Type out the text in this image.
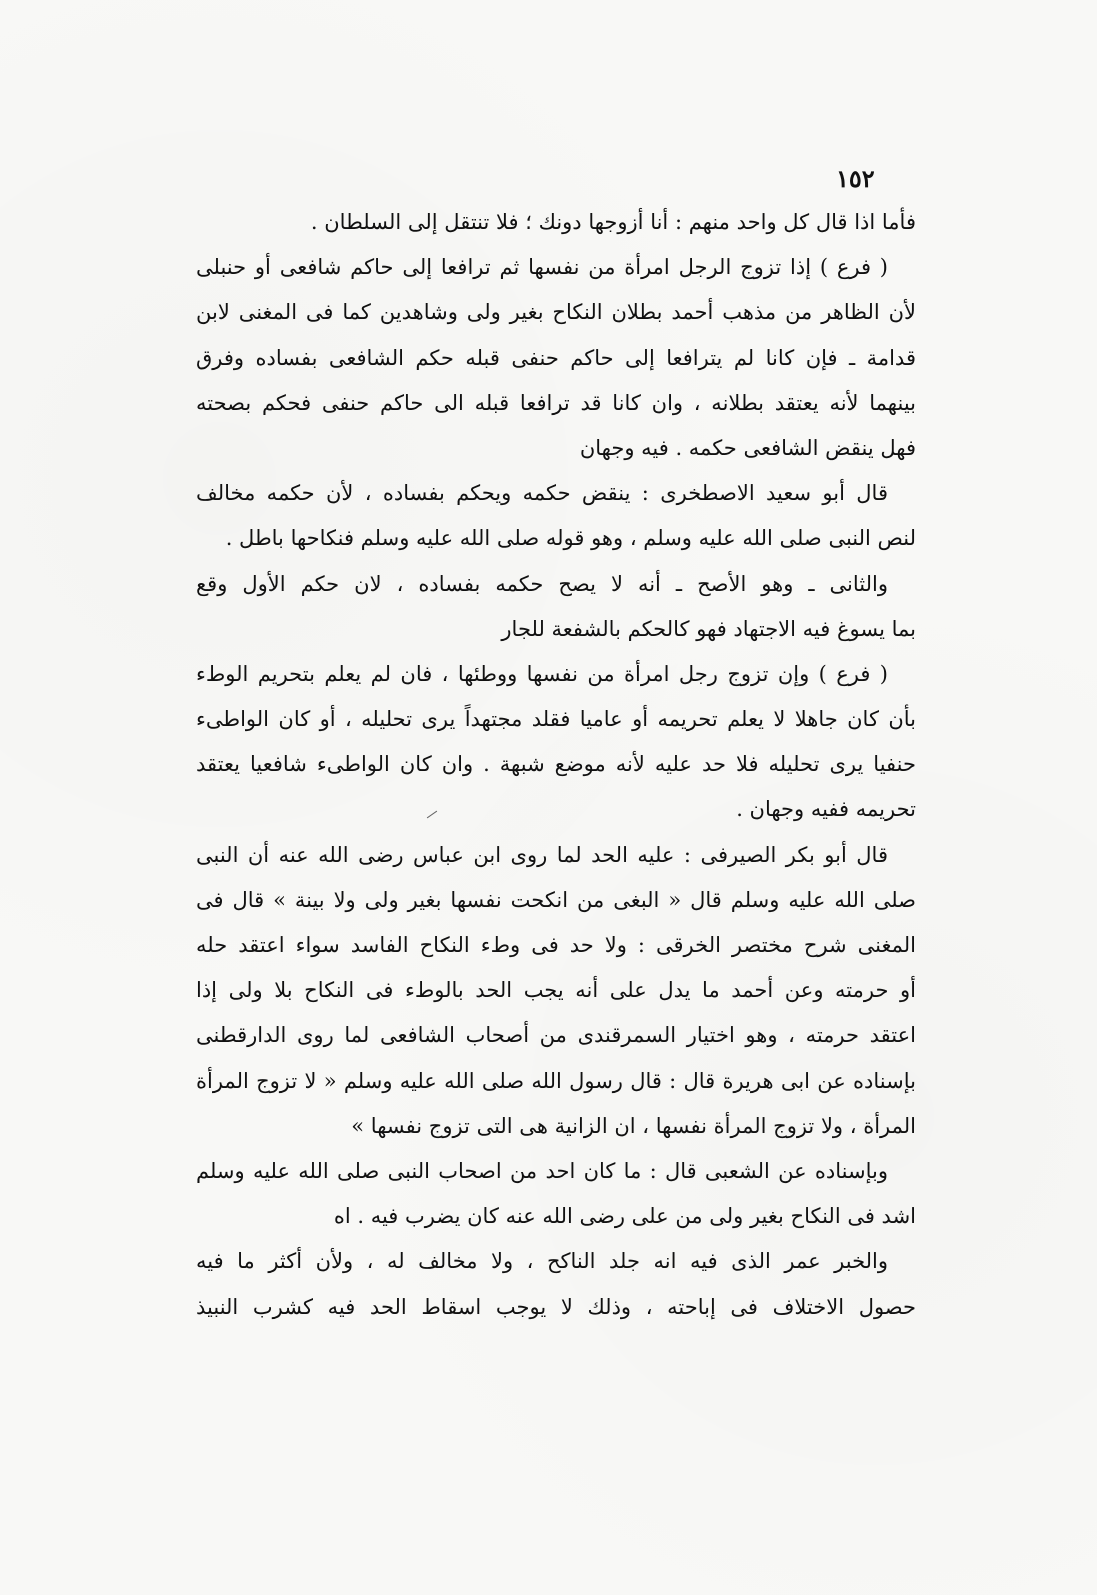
١٥٢
فأما اذا قال كل واحد منهم : أنا أزوجها دونك ؛ فلا تنتقل إلى السلطان .
( فرع ) إذا تزوج الرجل امرأة من نفسها ثم ترافعا إلى حاكم شافعى أو حنبلى
لأن الظاهر من مذهب أحمد بطلان النكاح بغير ولى وشاهدين كما فى المغنى لابن
قدامة ـ فإن كانا لم يترافعا إلى حاكم حنفى قبله حكم الشافعى بفساده وفرق
بينهما لأنه يعتقد بطلانه ، وان كانا قد ترافعا قبله الى حاكم حنفى فحكم بصحته
فهل ينقض الشافعى حكمه . فيه وجهان
قال أبو سعيد الاصطخرى : ينقض حكمه ويحكم بفساده ، لأن حكمه مخالف
لنص النبى صلى الله عليه وسلم ، وهو قوله صلى الله عليه وسلم فنكاحها باطل .
والثانى ـ وهو الأصح ـ أنه لا يصح حكمه بفساده ، لان حكم الأول وقع
بما يسوغ فيه الاجتهاد فهو كالحكم بالشفعة للجار
( فرع ) وإن تزوج رجل امرأة من نفسها ووطئها ، فان لم يعلم بتحريم الوطء
بأن كان جاهلا لا يعلم تحريمه أو عاميا فقلد مجتهداً يرى تحليله ، أو كان الواطىء
حنفيا يرى تحليله فلا حد عليه لأنه موضع شبهة . وان كان الواطىء شافعيا يعتقد
تحريمه ففيه وجهان .
قال أبو بكر الصيرفى : عليه الحد لما روى ابن عباس رضى الله عنه أن النبى
صلى الله عليه وسلم قال « البغى من انكحت نفسها بغير ولى ولا بينة » قال فى
المغنى شرح مختصر الخرقى : ولا حد فى وطء النكاح الفاسد سواء اعتقد حله
أو حرمته وعن أحمد ما يدل على أنه يجب الحد بالوطء فى النكاح بلا ولى إذا
اعتقد حرمته ، وهو اختيار السمرقندى من أصحاب الشافعى لما روى الدارقطنى
بإسناده عن ابى هريرة قال : قال رسول الله صلى الله عليه وسلم « لا تزوج المرأة
المرأة ، ولا تزوج المرأة نفسها ، ان الزانية هى التى تزوج نفسها »
وبإسناده عن الشعبى قال : ما كان احد من اصحاب النبى صلى الله عليه وسلم
اشد فى النكاح بغير ولى من على رضى الله عنه كان يضرب فيه . اه
والخبر عمر الذى فيه انه جلد الناكح ، ولا مخالف له ، ولأن أكثر ما فيه
حصول الاختلاف فى إباحته ، وذلك لا يوجب اسقاط الحد فيه كشرب النبيذ
